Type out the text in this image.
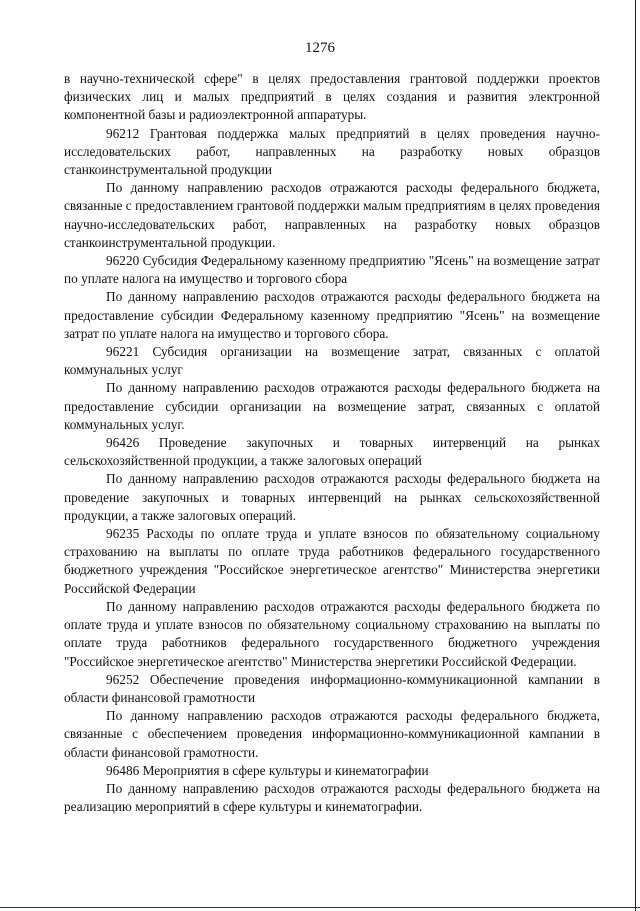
1276

в научно-технической сфере" в целях предоставления грантовой поддержки проектов физических лиц и малых предприятий в целях создания и развития электронной компонентной базы и радиоэлектронной аппаратуры.

96212 Грантовая поддержка малых предприятий в целях проведения научно-исследовательских работ, направленных на разработку новых образцов станкоинструментальной продукции

По данному направлению расходов отражаются расходы федерального бюджета, связанные с предоставлением грантовой поддержки малым предприятиям в целях проведения научно-исследовательских работ, направленных на разработку новых образцов станкоинструментальной продукции.

96220 Субсидия Федеральному казенному предприятию "Ясень" на возмещение затрат по уплате налога на имущество и торгового сбора

По данному направлению расходов отражаются расходы федерального бюджета на предоставление субсидии Федеральному казенному предприятию "Ясень" на возмещение затрат по уплате налога на имущество и торгового сбора.

96221 Субсидия организации на возмещение затрат, связанных с оплатой коммунальных услуг

По данному направлению расходов отражаются расходы федерального бюджета на предоставление субсидии организации на возмещение затрат, связанных с оплатой коммунальных услуг.

96426 Проведение закупочных и товарных интервенций на рынках сельскохозяйственной продукции, а также залоговых операций

По данному направлению расходов отражаются расходы федерального бюджета на проведение закупочных и товарных интервенций на рынках сельскохозяйственной продукции, а также залоговых операций.

96235 Расходы по оплате труда и уплате взносов по обязательному социальному страхованию на выплаты по оплате труда работников федерального государственного бюджетного учреждения "Российское энергетическое агентство" Министерства энергетики Российской Федерации

По данному направлению расходов отражаются расходы федерального бюджета по оплате труда и уплате взносов по обязательному социальному страхованию на выплаты по оплате труда работников федерального государственного бюджетного учреждения "Российское энергетическое агентство" Министерства энергетики Российской Федерации.

96252 Обеспечение проведения информационно-коммуникационной кампании в области финансовой грамотности

По данному направлению расходов отражаются расходы федерального бюджета, связанные с обеспечением проведения информационно-коммуникационной кампании в области финансовой грамотности.

96486 Мероприятия в сфере культуры и кинематографии

По данному направлению расходов отражаются расходы федерального бюджета на реализацию мероприятий в сфере культуры и кинематографии.
